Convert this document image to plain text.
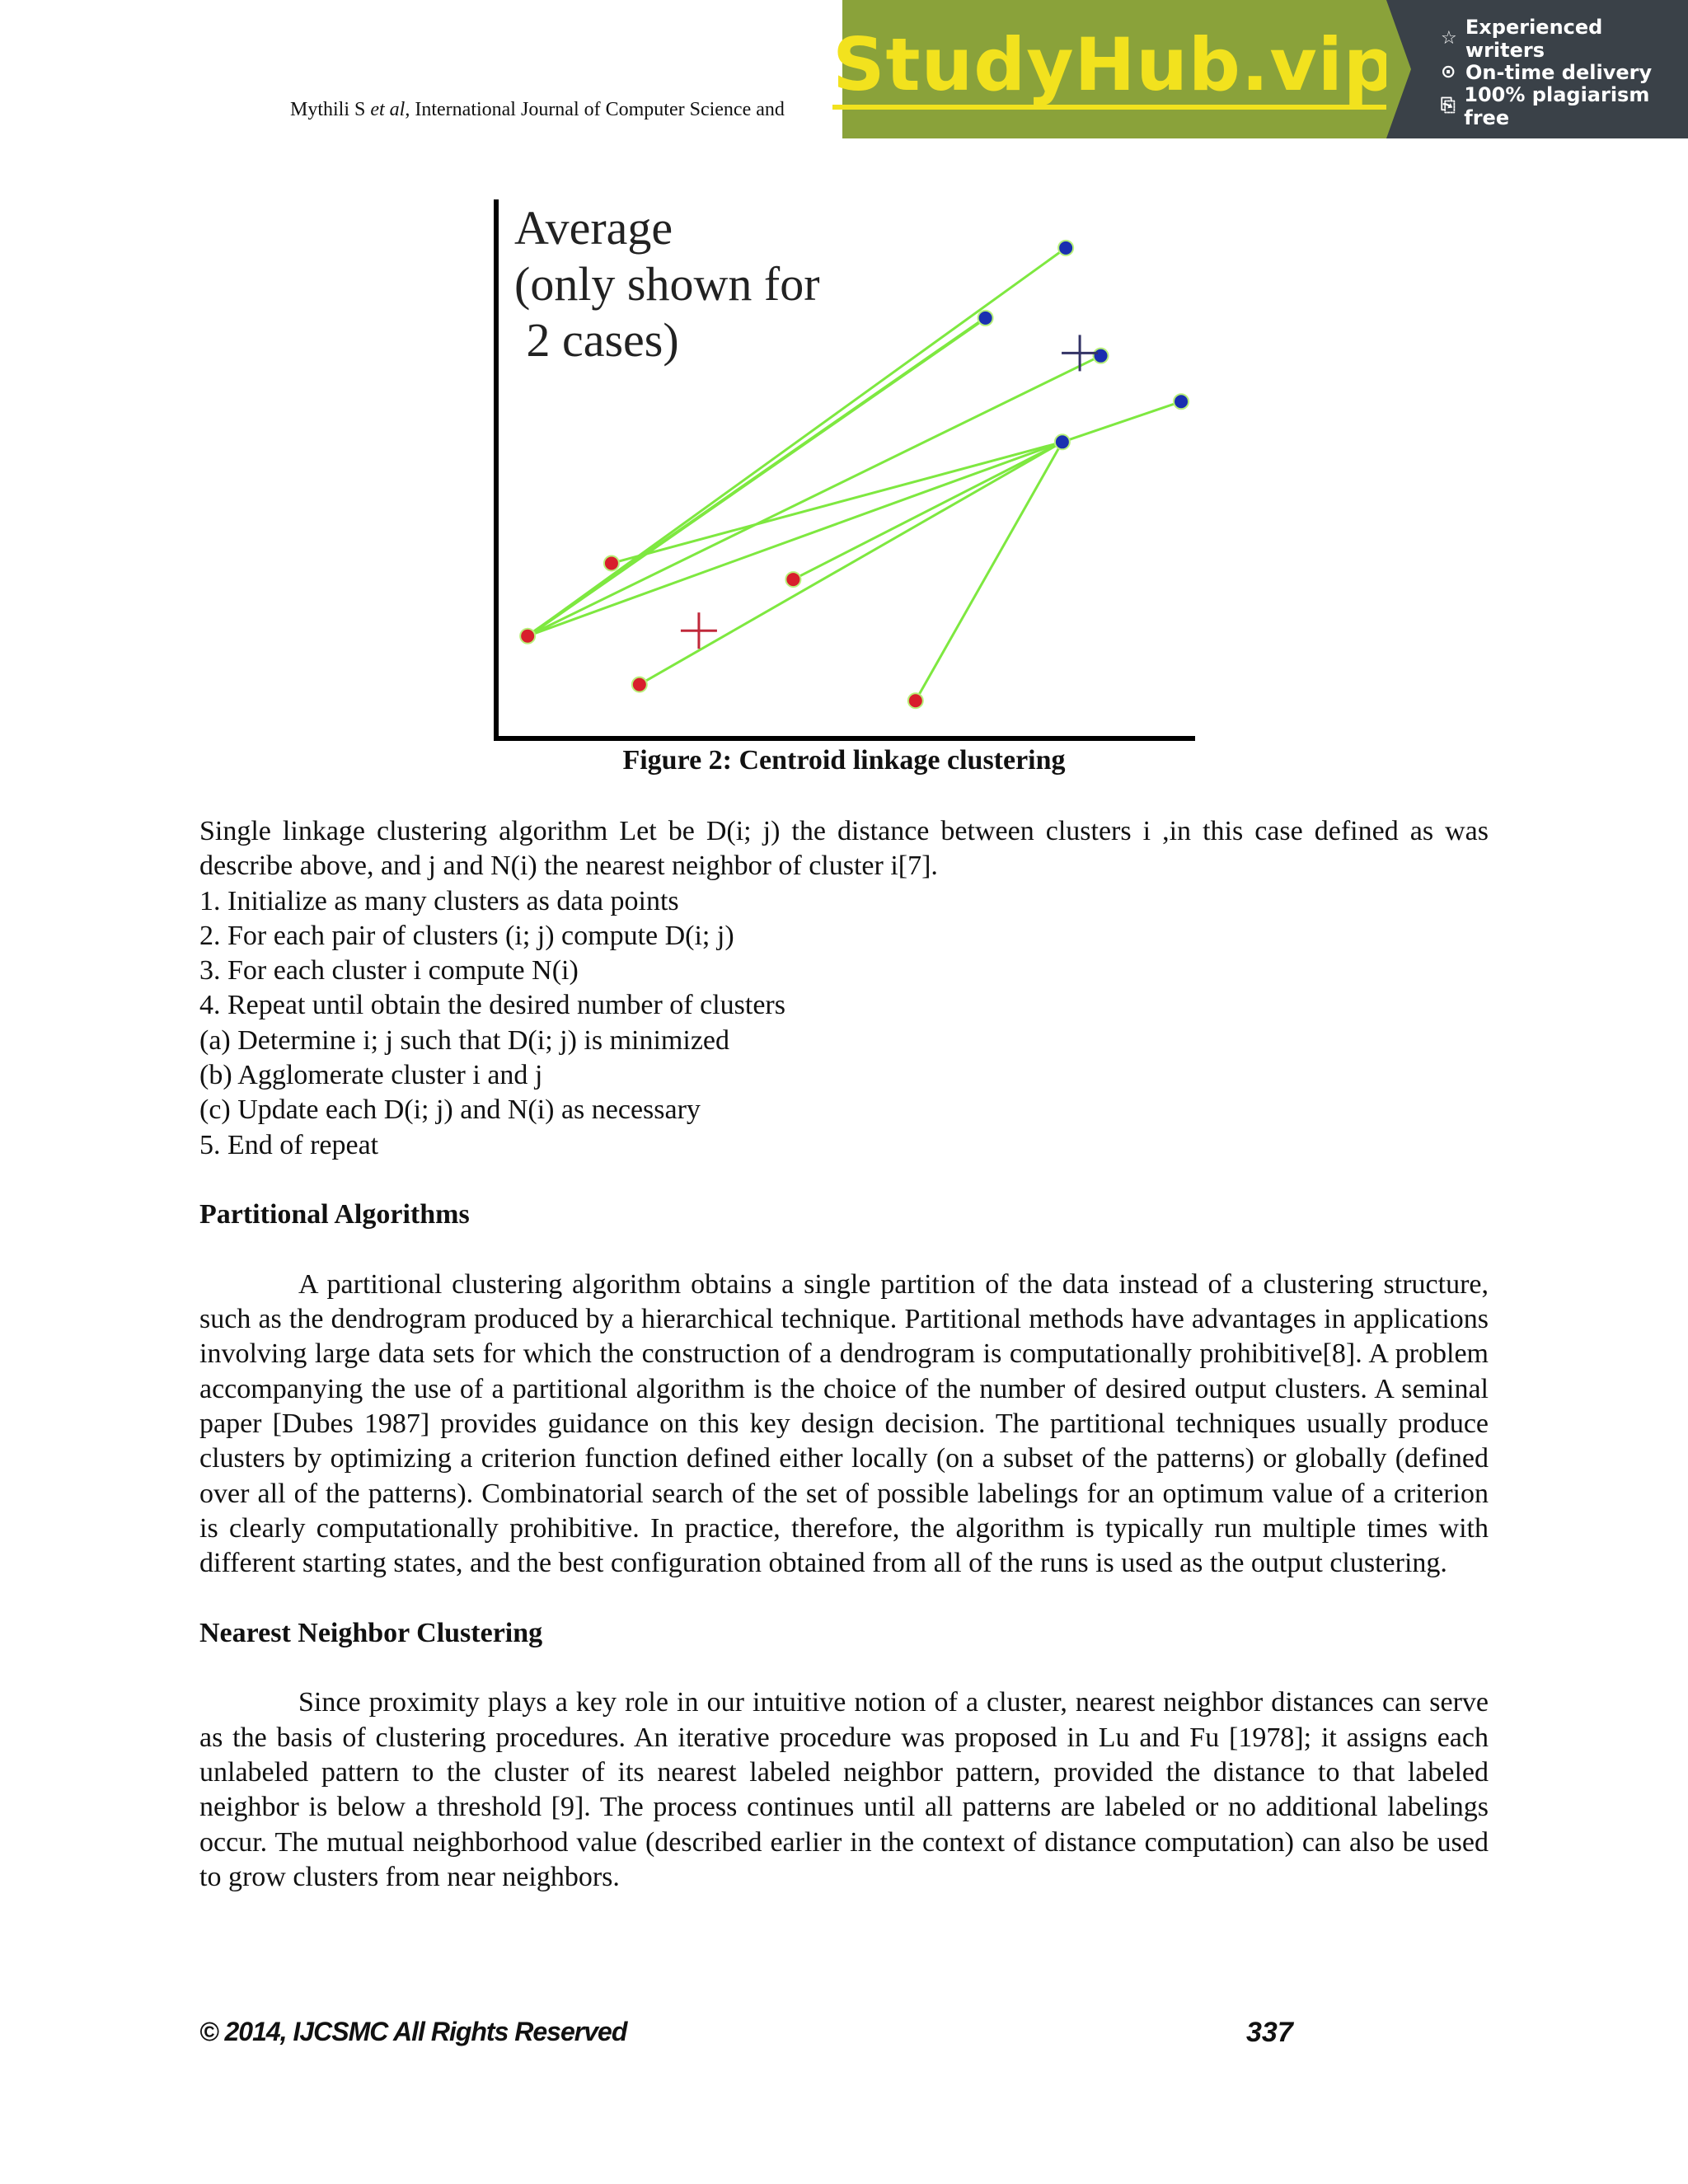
Mythili S et al, International Journal of Computer Science and
StudyHub.vip ☆ Experienced writers
⊙ On-time delivery
⎘ 100% plagiarism free
Average
(only shown for
2 cases)
Figure 2: Centroid linkage clustering

Single linkage clustering algorithm Let be D(i; j) the distance between clusters i ,in this case defined as was describe above, and j and N(i) the nearest neighbor of cluster i[7].

1. Initialize as many clusters as data points

2. For each pair of clusters (i; j) compute D(i; j)

3. For each cluster i compute N(i)

4. Repeat until obtain the desired number of clusters

(a) Determine i; j such that D(i; j) is minimized

(b) Agglomerate cluster i and j

(c) Update each D(i; j) and N(i) as necessary

5. End of repeat

Partitional Algorithms

A partitional clustering algorithm obtains a single partition of the data instead of a clustering structure, such as the dendrogram produced by a hierarchical technique. Partitional methods have advantages in applications involving large data sets for which the construction of a dendrogram is computationally prohibitive[8]. A problem accompanying the use of a partitional algorithm is the choice of the number of desired output clusters. A seminal paper [Dubes 1987] provides guidance on this key design decision. The partitional techniques usually produce clusters by optimizing a criterion function defined either locally (on a subset of the patterns) or globally (defined over all of the patterns). Combinatorial search of the set of possible labelings for an optimum value of a criterion is clearly computationally prohibitive. In practice, therefore, the algorithm is typically run multiple times with different starting states, and the best configuration obtained from all of the runs is used as the output clustering.

Nearest Neighbor Clustering

Since proximity plays a key role in our intuitive notion of a cluster, nearest neighbor distances can serve as the basis of clustering procedures. An iterative procedure was proposed in Lu and Fu [1978]; it assigns each unlabeled pattern to the cluster of its nearest labeled neighbor pattern, provided the distance to that labeled neighbor is below a threshold [9]. The process continues until all patterns are labeled or no additional labelings occur. The mutual neighborhood value (described earlier in the context of distance computation) can also be used to grow clusters from near neighbors.

© 2014, IJCSMC All Rights Reserved	337
